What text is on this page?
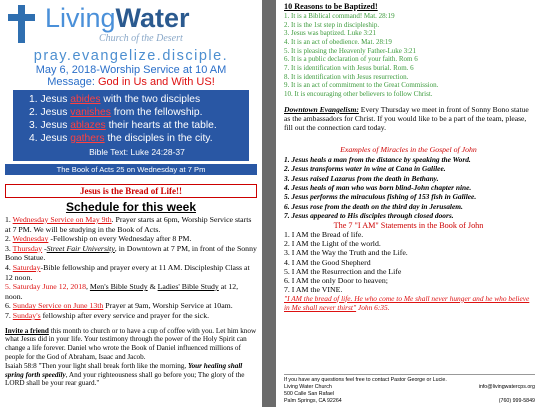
LivingWater
Church of the Desert
pray.evangelize.disciple.
May 6, 2018-Worship Service at 10 AM
Message: God in Us and With US!
1. Jesus abides with the two disciples
2. Jesus vanishes from the fellowship.
3. Jesus ablazes their hearts at the table.
4. Jesus gathers the disciples in the city.
Bible Text: Luke 24:28-37
The Book of Acts 25 on Wednesday at 7 Pm
Jesus is the Bread of Life!!
Schedule for this week

1. Wednesday Service on May 9th. Prayer starts at 6pm, Worship Service starts at 7 PM. We will be studying in the Book of Acts.

2. Wednesday -Fellowship on every Wednesday after 8 PM.

3. Thursday -Street Fair University, in Downtown at 7 PM, in front of the Sonny Bono Statue.

4. Saturday-Bible fellowship and prayer every at 11 AM. Discipleship Class at 12 noon.

5. Saturday June 12, 2018, Men's Bible Study & Ladies' Bible Study at 12, noon.

6. Sunday Service on June 13th Prayer at 9am, Worship Service at 10am.

7. Sunday's fellowship after every service and prayer for the sick.

Invite a friend this month to church or to have a cup of coffee with you. Let him know what Jesus did in your life. Your testimony through the power of the Holy Spirit can change a life forever. Daniel who wrote the Book of Daniel influenced millions of people for the God of Abraham, Isaac and Jacob.
Isaiah 58:8 "Then your light shall break forth like the morning, Your healing shall spring forth speedily, And your righteousness shall go before you; The glory of the LORD shall be your rear guard."
10 Reasons to be Baptized!
1. It is a Biblical command! Mat. 28:19
2. It is the 1st step in discipleship.
3. Jesus was baptized. Luke 3:21
4. It is an act of obedience. Mat. 28:19
5. It is pleasing the Heavenly Father-Luke 3:21
6. It is a public declaration of your faith. Rom 6
7. It is identification with Jesus burial. Rom. 6
8. It is identification with Jesus resurrection.
9. It is an act of commitment to the Great Commission.
10. It is encouraging other believers to follow Christ.
Downtown Evangelism: Every Thursday we meet in front of Sonny Bono statue as the ambassadors for Christ. If you would like to be a part of the team, please, fill out the connection card today.
Examples of Miracles in the Gospel of John
1. Jesus heals a man from the distance by speaking the Word.
2. Jesus transforms water in wine at Cana in Galilee.
3. Jesus raised Lazarus from the death in Bethany.
4. Jesus heals of man who was born blind-John chapter nine.
5. Jesus performs the miraculous fishing of 153 fish in Galilee.
6. Jesus rose from the death on the third day in Jerusalem.
7. Jesus appeared to His disciples through closed doors.
The 7 "I AM" Statements in the Book of John
1. I AM the Bread of life.
2. I AM the Light of the world.
3. I AM the Way the Truth and the Life.
4. I AM the Good Shepherd
5. I AM the Resurrection and the Life
6. I AM the only Door to heaven;
7. I AM the VINE.
"I AM the bread of life. He who come to Me shall never hunger and he who believe in Me shall never thirst" John 6:35.
If you have any questions feel free to contact Pastor George or Lucie.
Living Water Church	info@livingwatercps.org
500 Calle San Rafael
Palm Springs, CA 92264	(760) 999-5849
